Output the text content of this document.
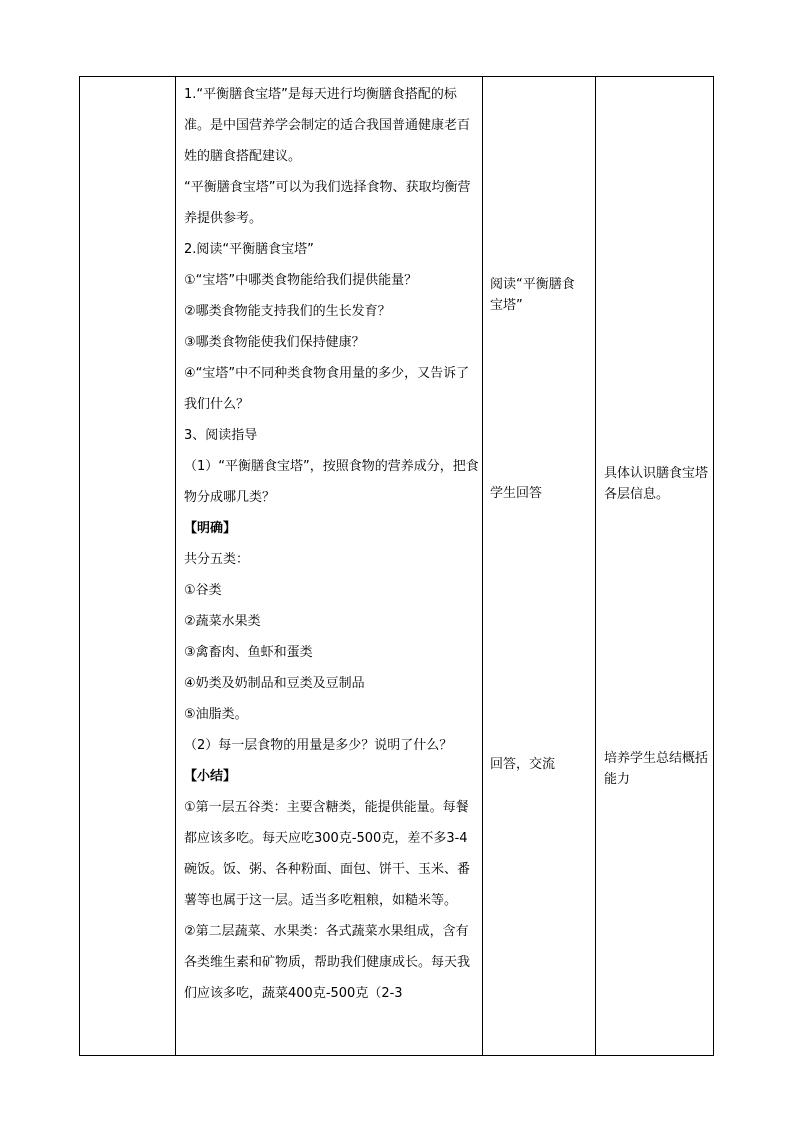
1.“平衡膳食宝塔”是每天进行均衡膳食搭配的标准。是中国营养学会制定的适合我国普通健康老百姓的膳食搭配建议。

“平衡膳食宝塔”可以为我们选择食物、获取均衡营养提供参考。

2.阅读“平衡膳食宝塔”

①“宝塔”中哪类食物能给我们提供能量？

②哪类食物能支持我们的生长发育？

③哪类食物能使我们保持健康？

④“宝塔”中不同种类食物食用量的多少，又告诉了我们什么？

3、阅读指导

（1）“平衡膳食宝塔”，按照食物的营养成分，把食物分成哪几类？

【明确】

共分五类：

①谷类

②蔬菜水果类

③禽畜肉、鱼虾和蛋类

④奶类及奶制品和豆类及豆制品

⑤油脂类。

（2）每一层食物的用量是多少？说明了什么？

【小结】

①第一层五谷类：主要含糖类，能提供能量。每餐都应该多吃。每天应吃300克-500克，差不多3-4碗饭。饭、粥、各种粉面、面包、饼干、玉米、番薯等也属于这一层。适当多吃粗粮，如糙米等。

②第二层蔬菜、水果类：各式蔬菜水果组成，含有各类维生素和矿物质，帮助我们健康成长。每天我们应该多吃，蔬菜400克-500克（2-3

阅读“平衡膳食宝塔”
学生回答
回答，交流
具体认识膳食宝塔各层信息。
培养学生总结概括能力
